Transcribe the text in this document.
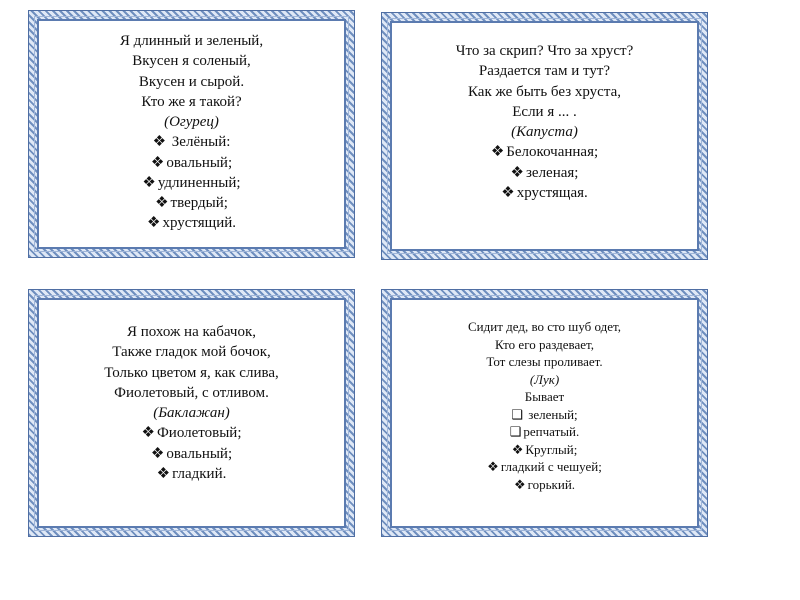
Я длинный и зеленый,
Вкусен я соленый,
Вкусен и сырой.
Кто же я такой?
(Огурец)
❖ Зелёный:
❖ овальный;
❖ удлиненный;
❖ твердый;
❖ хрустящий.
Что за скрип? Что за хруст?
Раздается там и тут?
Как же быть без хруста,
Если я ... .
(Капуста)
❖ Белокочанная;
❖ зеленая;
❖ хрустящая.
Я похож на кабачок,
Также гладок мой бочок,
Только цветом я, как слива,
Фиолетовый, с отливом.
(Баклажан)
❖ Фиолетовый;
❖ овальный;
❖ гладкий.
Сидит дед, во сто шуб одет,
Кто его раздевает,
Тот слезы проливает.
(Лук)
Бывает
❑ зеленый;
❑ репчатый.
❖ Круглый;
❖ гладкий с чешуей;
❖ горький.
